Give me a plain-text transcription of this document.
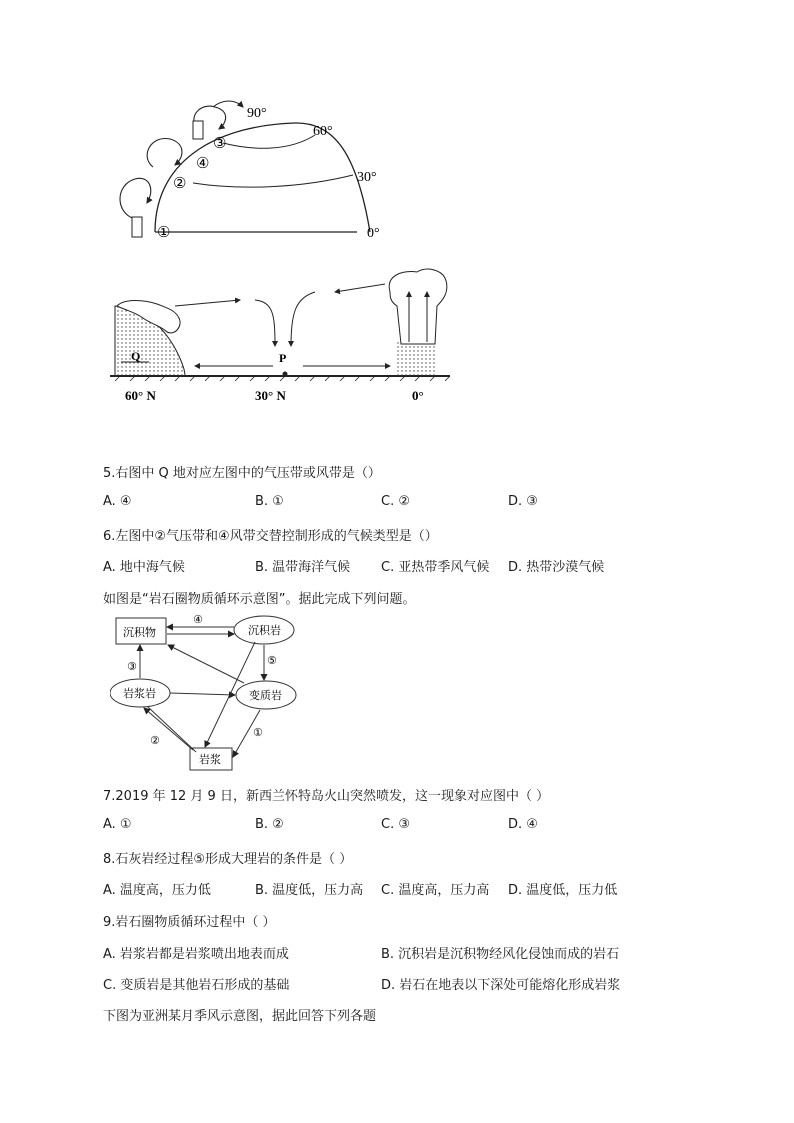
①
②
④
③
90°
60°
30°
0°
Q	P
60° N	30° N	0°
5.右图中 Q 地对应左图中的气压带或风带是（）
A. ④	B. ①	C. ②	D. ③
6.左图中②气压带和④风带交替控制形成的气候类型是（）
A. 地中海气候	B. 温带海洋气候 C. 亚热带季风气候 D. 热带沙漠气候
如图是“岩石圈物质循环示意图”。据此完成下列问题。
沉积物	沉积岩
岩浆岩	变质岩
岩浆
④
③	⑤
②
①
7.2019 年 12 月 9 日，新西兰怀特岛火山突然喷发，这一现象对应图中（ ）
A. ①	B. ②	C. ③	D. ④
8.石灰岩经过程⑤形成大理岩的条件是（ ）
A. 温度高，压力低	B. 温度低，压力高 C. 温度高，压力高 D. 温度低，压力低
9.岩石圈物质循环过程中（ ）
A. 岩浆岩都是岩浆喷出地表而成	B. 沉积岩是沉积物经风化侵蚀而成的岩石
C. 变质岩是其他岩石形成的基础	D. 岩石在地表以下深处可能熔化形成岩浆
下图为亚洲某月季风示意图，据此回答下列各题
